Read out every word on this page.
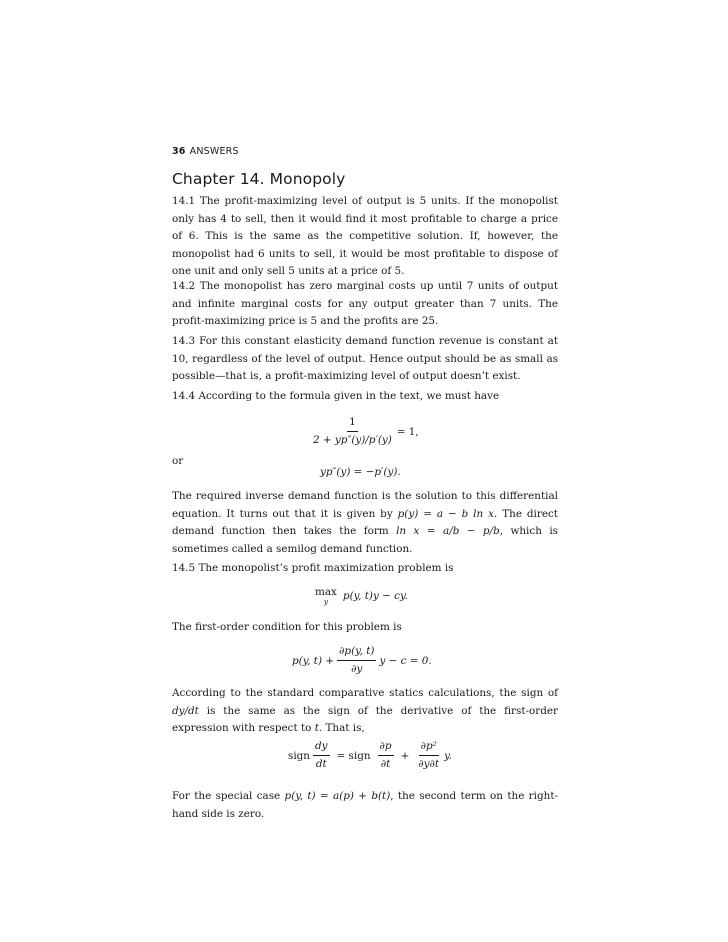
36 ANSWERS
Chapter 14. Monopoly
14.1 The profit-maximizing level of output is 5 units. If the monopolist only has 4 to sell, then it would find it most profitable to charge a price of 6. This is the same as the competitive solution. If, however, the monopolist had 6 units to sell, it would be most profitable to dispose of one unit and only sell 5 units at a price of 5.
14.2 The monopolist has zero marginal costs up until 7 units of output and infinite marginal costs for any output greater than 7 units. The profit-maximizing price is 5 and the profits are 25.
14.3 For this constant elasticity demand function revenue is constant at 10, regardless of the level of output. Hence output should be as small as possible—that is, a profit-maximizing level of output doesn’t exist.
14.4 According to the formula given in the text, we must have
$\frac{1}{2 + yp''(y)/p'(y)} = 1$,
or
yp″(y) = −p′(y).
The required inverse demand function is the solution to this differential equation. It turns out that it is given by p(y) = a − b ln x. The direct demand function then takes the form ln x = a/b − p/b, which is sometimes called a semilog demand function.
14.5 The monopolist’s profit maximization problem is
max
y p(y, t)y − cy.
The first-order condition for this problem is
p(y, $t) + \frac{\partial p(y, t)}{\partial y}$ y − c = 0.
According to the standard comparative statics calculations, the sign of dy/dt is the same as the sign of the derivative of the first-order expression with respect to t. That is,
sign $\frac{dy}{dt}$ = sign $\frac{\partial p}{\partial t} + \frac{\text{∂p²}}{\partial y\partial t} y$.
For the special case p(y, t) = a(p) + b(t), the second term on the right-hand side is zero.
